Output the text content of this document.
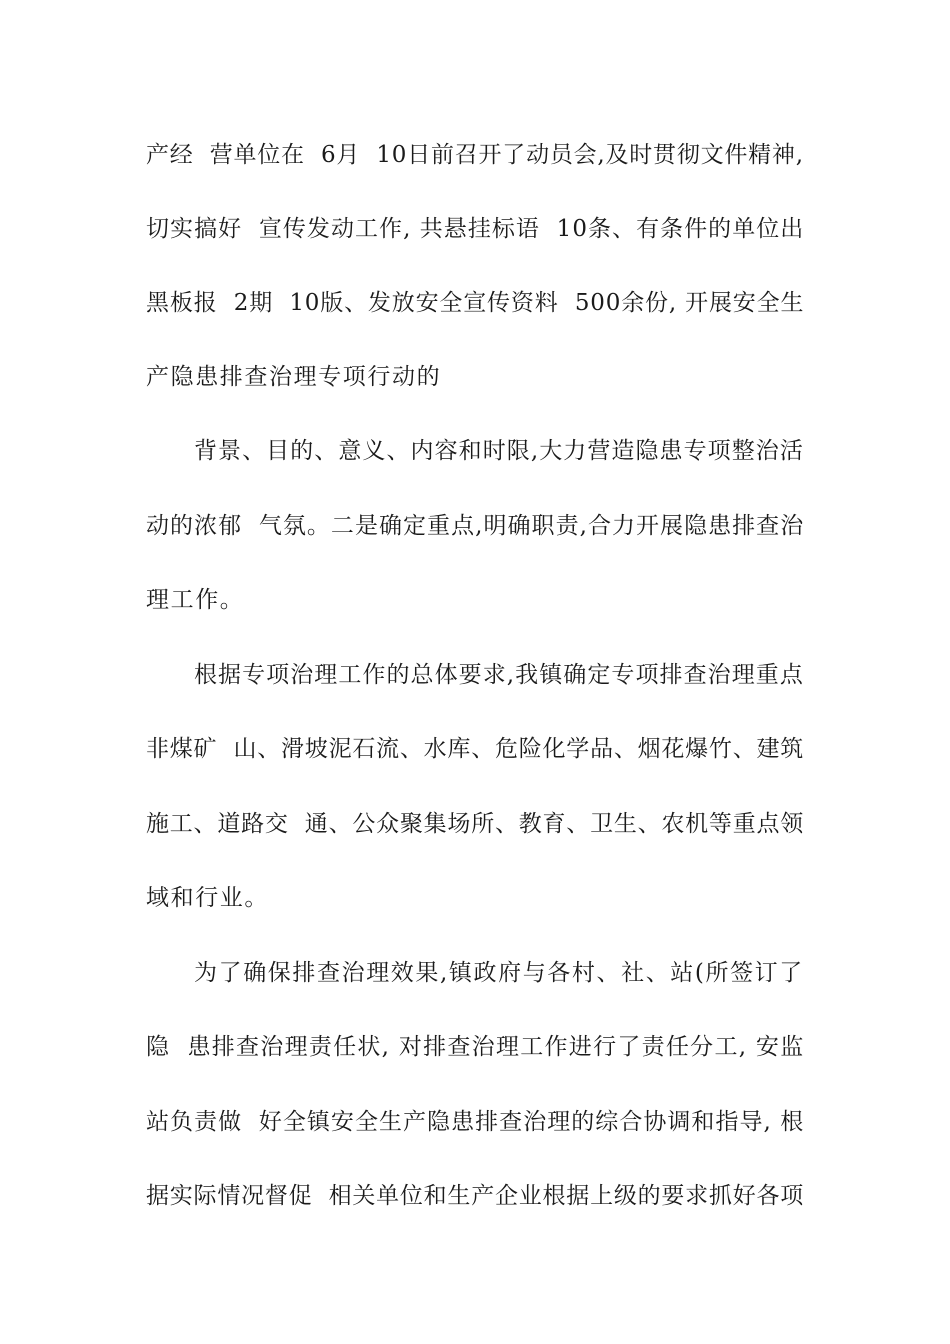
产经  营单位在  6月  10日前召开了动员会,及时贯彻文件精神,
切实搞好  宣传发动工作, 共悬挂标语  10条、有条件的单位出
黑板报  2期  10版、发放安全宣传资料  500余份, 开展安全生
产隐患排查治理专项行动的
背景、目的、意义、内容和时限,大力营造隐患专项整治活
动的浓郁  气氛。二是确定重点,明确职责,合力开展隐患排查治
理工作。
根据专项治理工作的总体要求,我镇确定专项排查治理重点
非煤矿  山、滑坡泥石流、水库、危险化学品、烟花爆竹、建筑
施工、道路交  通、公众聚集场所、教育、卫生、农机等重点领
域和行业。
为了确保排查治理效果,镇政府与各村、社、站(所签订了
隐  患排查治理责任状, 对排查治理工作进行了责任分工, 安监
站负责做  好全镇安全生产隐患排查治理的综合协调和指导, 根
据实际情况督促  相关单位和生产企业根据上级的要求抓好各项
